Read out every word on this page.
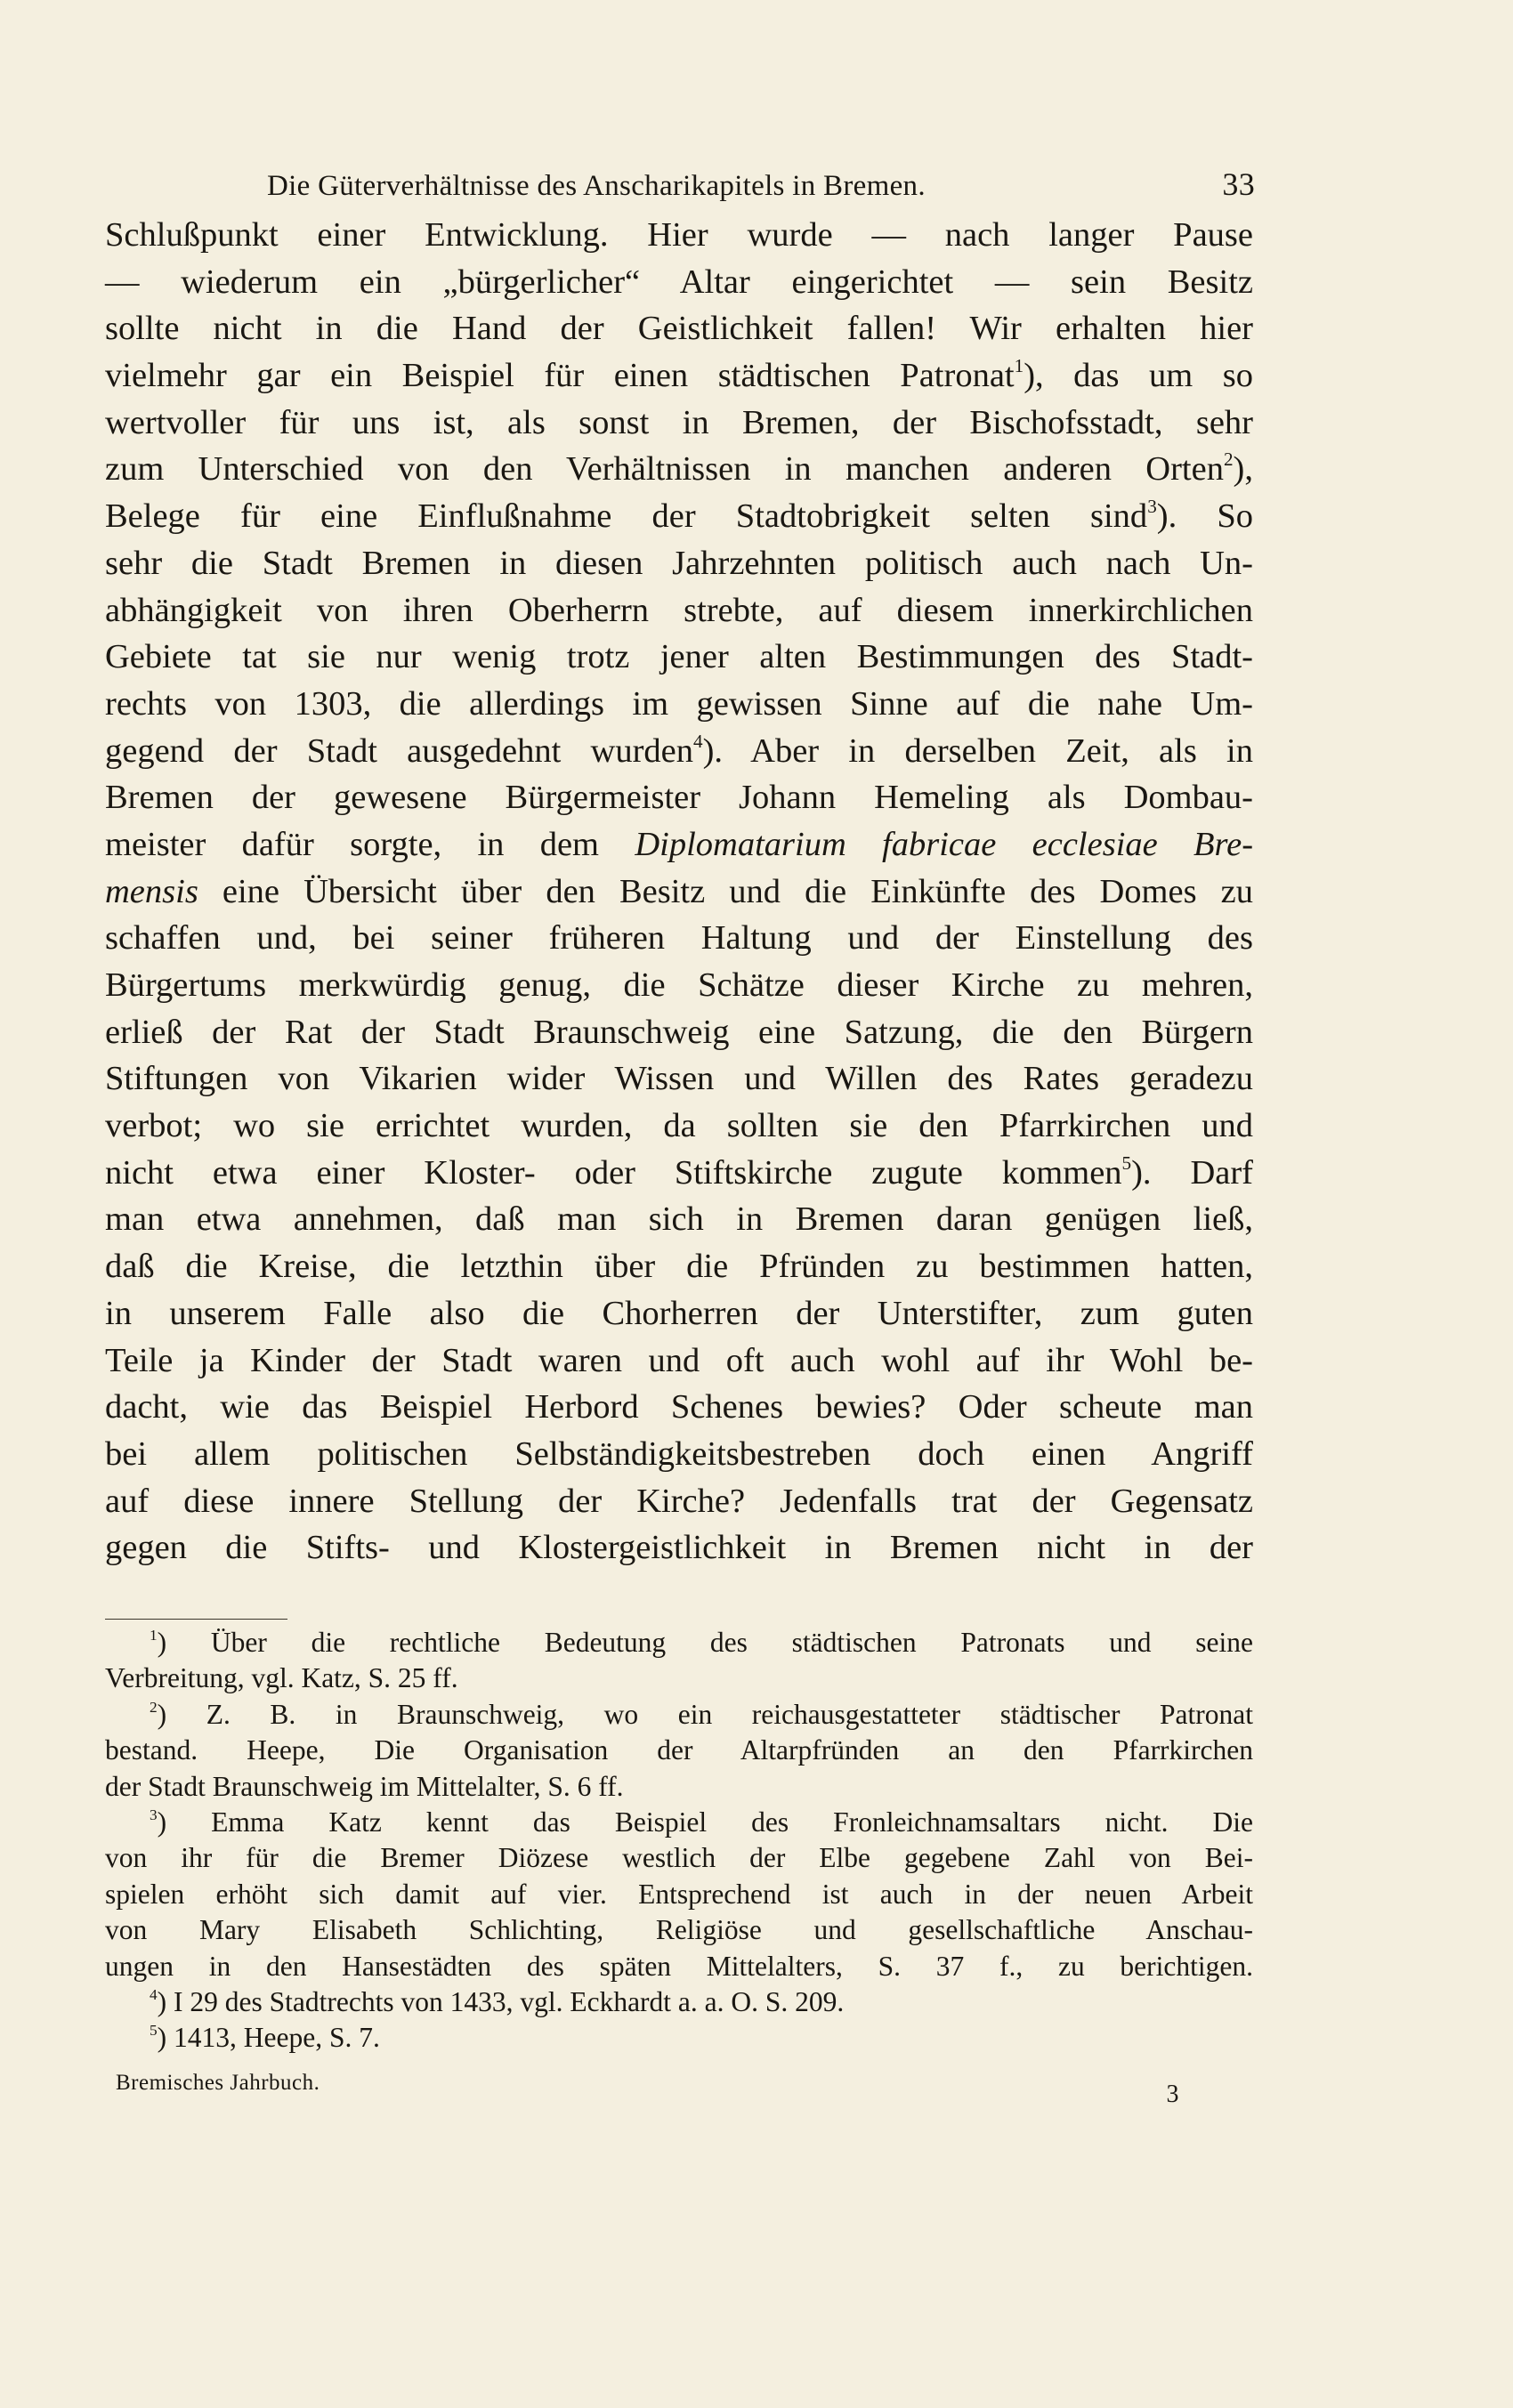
Die Güterverhältnisse des Anscharikapitels in Bremen.	33
Schlußpunkt einer Entwicklung. Hier wurde — nach langer Pause
— wiederum ein „bürgerlicher“ Altar eingerichtet — sein Besitz
sollte nicht in die Hand der Geistlichkeit fallen! Wir erhalten hier
vielmehr gar ein Beispiel für einen städtischen Patronat$^1$), das um so
wertvoller für uns ist, als sonst in Bremen, der Bischofsstadt, sehr
zum Unterschied von den Verhältnissen in manchen anderen Orten$^2$),
Belege für eine Einflußnahme der Stadtobrigkeit selten sind$^3$). So
sehr die Stadt Bremen in diesen Jahrzehnten politisch auch nach Un-
abhängigkeit von ihren Oberherrn strebte, auf diesem innerkirchlichen
Gebiete tat sie nur wenig trotz jener alten Bestimmungen des Stadt-
rechts von 1303, die allerdings im gewissen Sinne auf die nahe Um-
gegend der Stadt ausgedehnt wurden$^4$). Aber in derselben Zeit, als in
Bremen der gewesene Bürgermeister Johann Hemeling als Dombau-
meister dafür sorgte, in dem Diplomatarium fabricae ecclesiae Bre-
mensis eine Übersicht über den Besitz und die Einkünfte des Domes zu
schaffen und, bei seiner früheren Haltung und der Einstellung des
Bürgertums merkwürdig genug, die Schätze dieser Kirche zu mehren,
erließ der Rat der Stadt Braunschweig eine Satzung, die den Bürgern
Stiftungen von Vikarien wider Wissen und Willen des Rates geradezu
verbot; wo sie errichtet wurden, da sollten sie den Pfarrkirchen und
nicht etwa einer Kloster- oder Stiftskirche zugute kommen$^5$). Darf
man etwa annehmen, daß man sich in Bremen daran genügen ließ,
daß die Kreise, die letzthin über die Pfründen zu bestimmen hatten,
in unserem Falle also die Chorherren der Unterstifter, zum guten
Teile ja Kinder der Stadt waren und oft auch wohl auf ihr Wohl be-
dacht, wie das Beispiel Herbord Schenes bewies? Oder scheute man
bei allem politischen Selbständigkeitsbestreben doch einen Angriff
auf diese innere Stellung der Kirche? Jedenfalls trat der Gegensatz
gegen die Stifts- und Klostergeistlichkeit in Bremen nicht in der
$^1$) Über die rechtliche Bedeutung des städtischen Patronats und seine
Verbreitung, vgl. Katz, S. 25 ff.
$^2$) Z. B. in Braunschweig, wo ein reichausgestatteter städtischer Patronat
bestand. Heepe, Die Organisation der Altarpfründen an den Pfarrkirchen
der Stadt Braunschweig im Mittelalter, S. 6 ff.
$^3$) Emma Katz kennt das Beispiel des Fronleichnamsaltars nicht. Die
von ihr für die Bremer Diözese westlich der Elbe gegebene Zahl von Bei-
spielen erhöht sich damit auf vier. Entsprechend ist auch in der neuen Arbeit
von Mary Elisabeth Schlichting, Religiöse und gesellschaftliche Anschau-
ungen in den Hansestädten des späten Mittelalters, S. 37 f., zu berichtigen.
$^4$) I 29 des Stadtrechts von 1433, vgl. Eckhardt a. a. O. S. 209.
$^5$) 1413, Heepe, S. 7.
Bremisches Jahrbuch.	3
